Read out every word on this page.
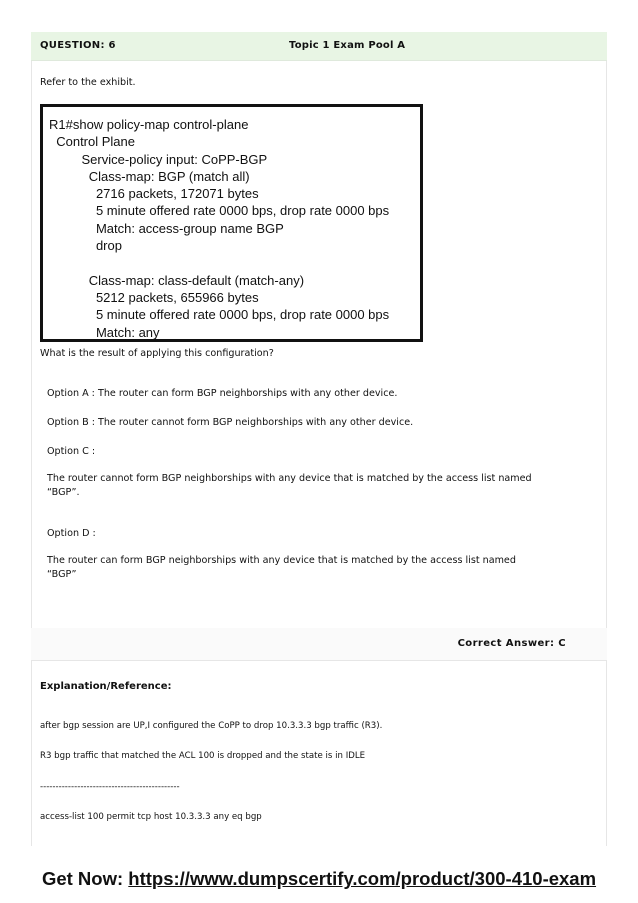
QUESTION: 6	Topic 1 Exam Pool A
Refer to the exhibit.
R1#show policy-map control-plane
Control Plane
Service-policy input: CoPP-BGP
Class-map: BGP (match all)
2716 packets, 172071 bytes
5 minute offered rate 0000 bps, drop rate 0000 bps
Match: access-group name BGP
drop

Class-map: class-default (match-any)
5212 packets, 655966 bytes
5 minute offered rate 0000 bps, drop rate 0000 bps
Match: any

What is the result of applying this configuration?
Option A : The router can form BGP neighborships with any other device.
Option B : The router cannot form BGP neighborships with any other device.
Option C :
The router cannot form BGP neighborships with any device that is matched by the access list named
“BGP”.
Option D :
The router can form BGP neighborships with any device that is matched by the access list named
“BGP”
Correct Answer: C
Explanation/Reference:
after bgp session are UP,I configured the CoPP to drop 10.3.3.3 bgp traffic (R3).
R3 bgp traffic that matched the ACL 100 is dropped and the state is in IDLE
---------------------------------------------
access-list 100 permit tcp host 10.3.3.3 any eq bgp
Get Now: https://www.dumpscertify.com/product/300-410-exam
